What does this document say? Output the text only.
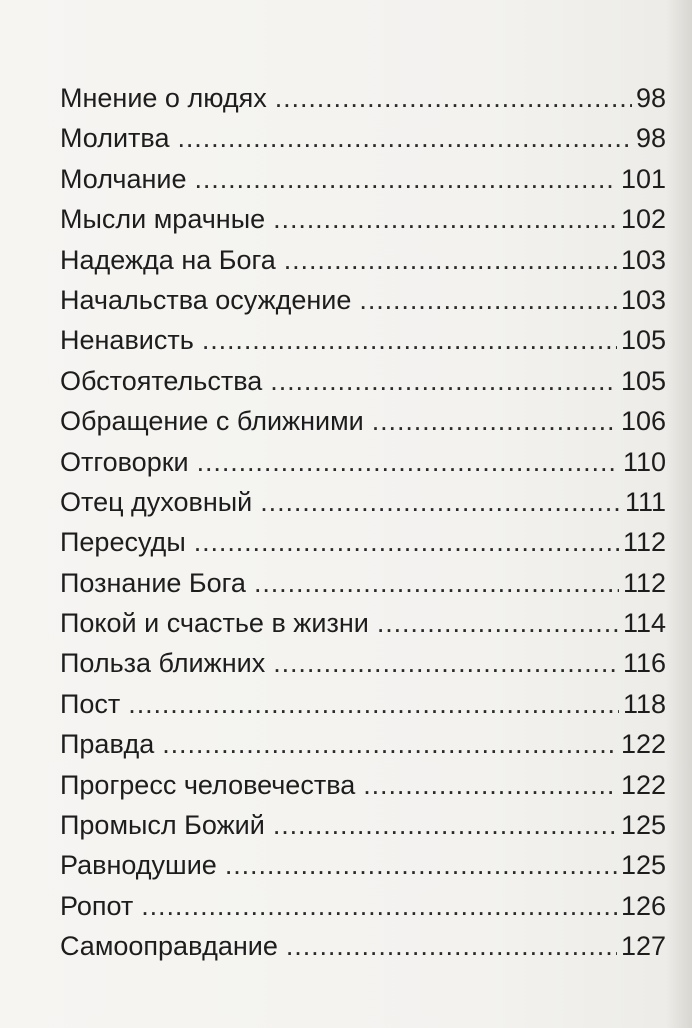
Мнение о людях . . .	98
Молитва . . .	98
Молчание . . .	101
Мысли мрачные . . .	102
Надежда на Бога . . .	103
Начальства осуждение . . .	103
Ненависть . . .	105
Обстоятельства . . .	105
Обращение с ближними . . .	106
Отговорки . . .	110
Отец духовный . . .	111
Пересуды . . .	112
Познание Бога . . .	112
Покой и счастье в жизни . . .	114
Польза ближних . . .	116
Пост . . .	118
Правда . . .	122
Прогресс человечества . . .	122
Промысл Божий . . .	125
Равнодушие . . .	125
Ропот . . .	126
Самооправдание . . .	127
